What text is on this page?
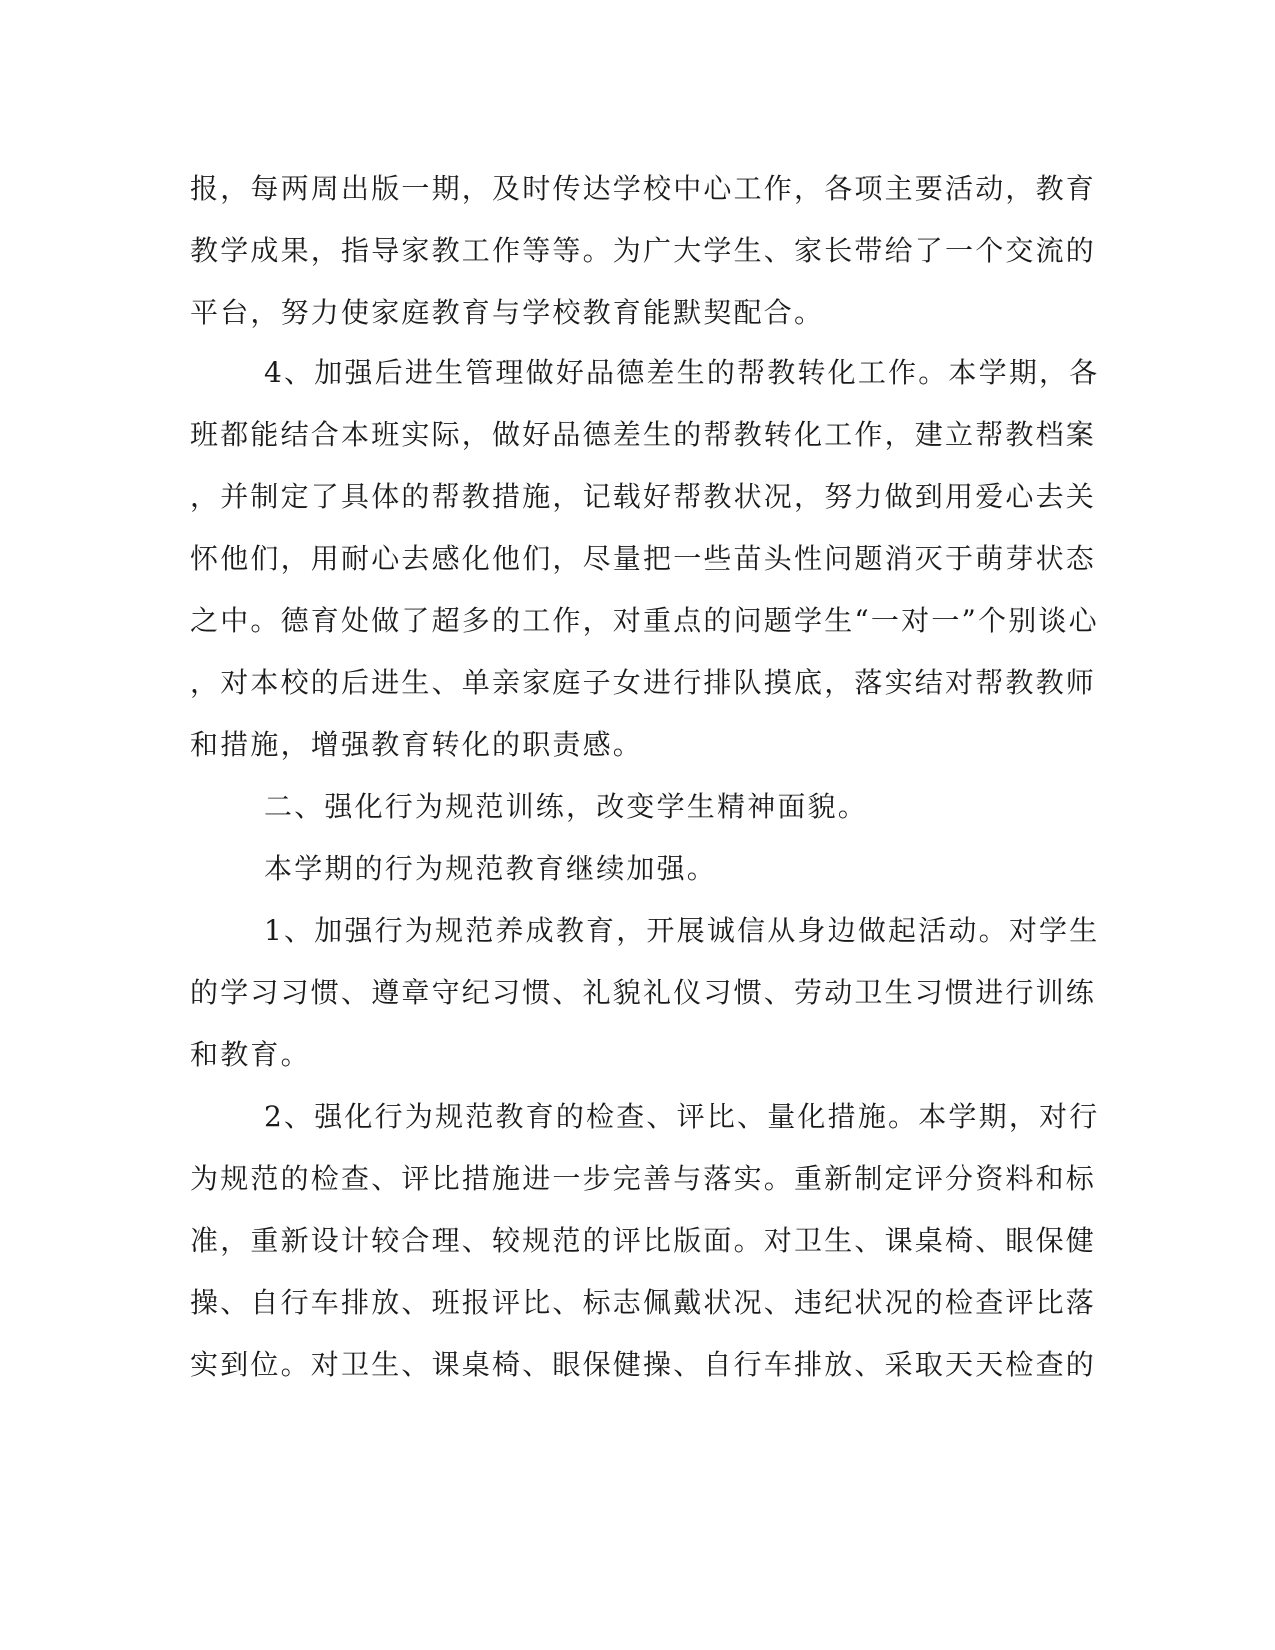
报，每两周出版一期，及时传达学校中心工作，各项主要活动，教育
教学成果，指导家教工作等等。为广大学生、家长带给了一个交流的
平台，努力使家庭教育与学校教育能默契配合。
4、加强后进生管理做好品德差生的帮教转化工作。本学期，各
班都能结合本班实际，做好品德差生的帮教转化工作，建立帮教档案
，并制定了具体的帮教措施，记载好帮教状况，努力做到用爱心去关
怀他们，用耐心去感化他们，尽量把一些苗头性问题消灭于萌芽状态
之中。德育处做了超多的工作，对重点的问题学生“一对一”个别谈心
，对本校的后进生、单亲家庭子女进行排队摸底，落实结对帮教教师
和措施，增强教育转化的职责感。
二、强化行为规范训练，改变学生精神面貌。
本学期的行为规范教育继续加强。
1、加强行为规范养成教育，开展诚信从身边做起活动。对学生
的学习习惯、遵章守纪习惯、礼貌礼仪习惯、劳动卫生习惯进行训练
和教育。
2、强化行为规范教育的检查、评比、量化措施。本学期，对行
为规范的检查、评比措施进一步完善与落实。重新制定评分资料和标
准，重新设计较合理、较规范的评比版面。对卫生、课桌椅、眼保健
操、自行车排放、班报评比、标志佩戴状况、违纪状况的检查评比落
实到位。对卫生、课桌椅、眼保健操、自行车排放、采取天天检查的
